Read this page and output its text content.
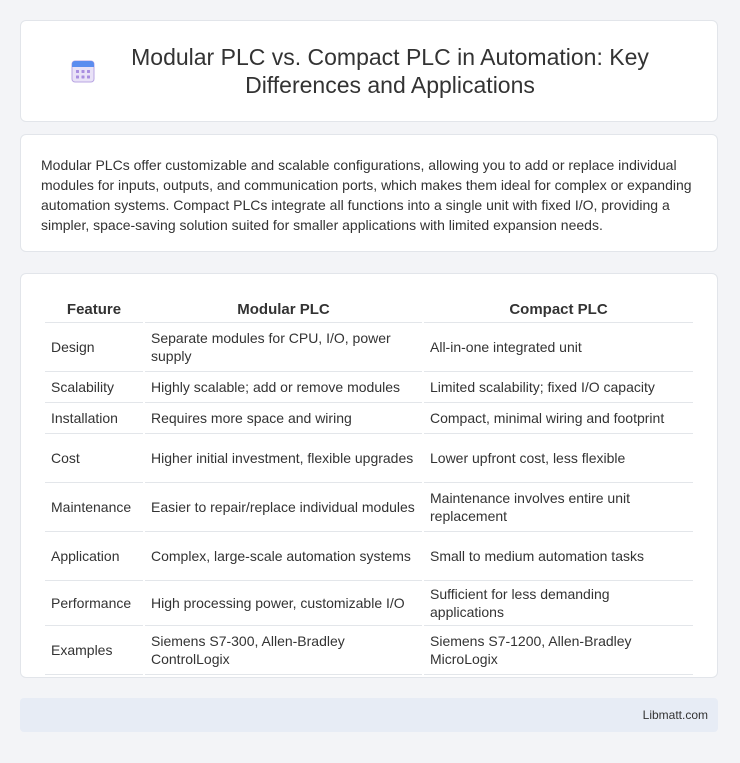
Modular PLC vs. Compact PLC in Automation: Key Differences and Applications

Modular PLCs offer customizable and scalable configurations, allowing you to add or replace individual modules for inputs, outputs, and communication ports, which makes them ideal for complex or expanding automation systems. Compact PLCs integrate all functions into a single unit with fixed I/O, providing a simpler, space-saving solution suited for smaller applications with limited expansion needs.

Feature	Modular PLC	Compact PLC
Design	Separate modules for CPU, I/O, power supply	All-in-one integrated unit
Scalability	Highly scalable; add or remove modules	Limited scalability; fixed I/O capacity
Installation	Requires more space and wiring	Compact, minimal wiring and footprint
Cost	Higher initial investment, flexible upgrades	Lower upfront cost, less flexible
Maintenance	Easier to repair/replace individual modules	Maintenance involves entire unit replacement
Application	Complex, large-scale automation systems	Small to medium automation tasks
Performance	High processing power, customizable I/O	Sufficient for less demanding applications
Examples	Siemens S7-300, Allen-Bradley ControlLogix	Siemens S7-1200, Allen-Bradley MicroLogix
Libmatt.com
